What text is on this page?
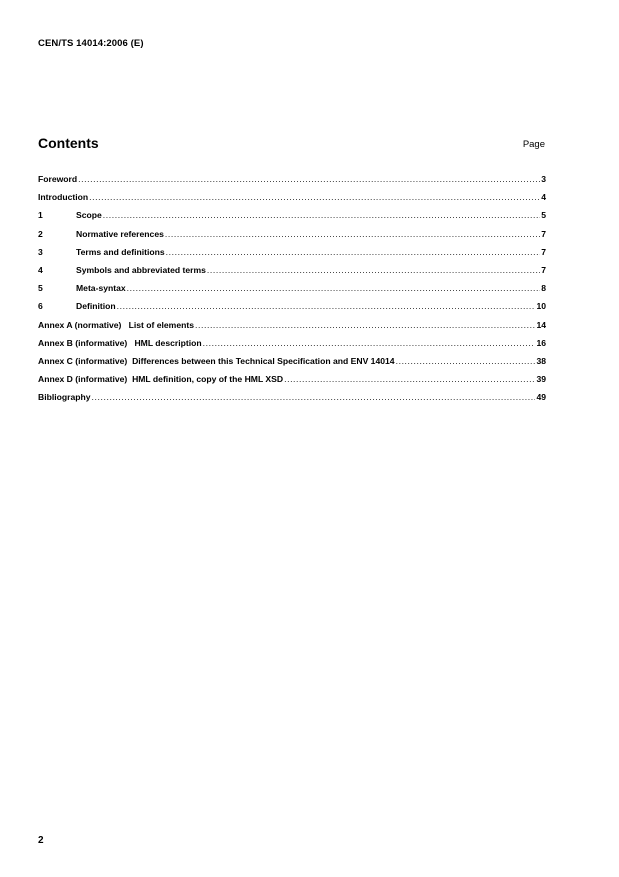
CEN/TS 14014:2006 (E)
Contents	Page
Foreword .....	3
Introduction .....	4
1	Scope .....	5
2	Normative references .....	7
3	Terms and definitions .....	7
4	Symbols and abbreviated terms .....	7
5	Meta-syntax .....	8
6	Definition .....	10
Annex A (normative)   List of elements .....	14
Annex B (informative)   HML description .....	16
Annex C (informative)  Differences between this Technical Specification and ENV 14014 .....	38
Annex D (informative)  HML definition, copy of the HML XSD .....	39
Bibliography .....	49
2
